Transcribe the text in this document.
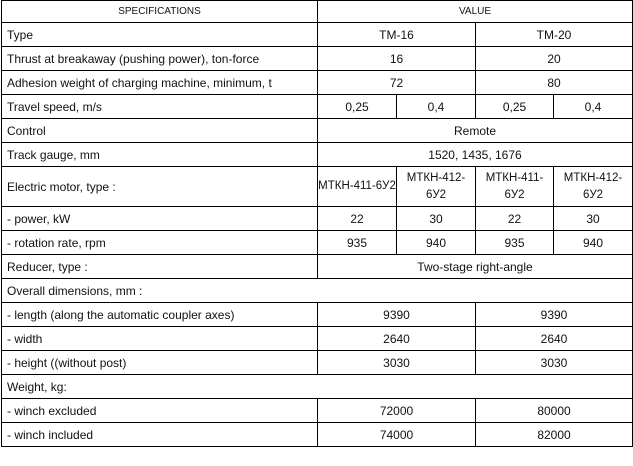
SPECIFICATIONS	VALUE			
Type	TM-16		TM-20	
Thrust at breakaway (pushing power), ton-force	16		20	
Adhesion weight of charging machine, minimum, t	72		80	
Travel speed, m/s	0,25	0,4	0,25	0,4
Control	Remote			
Track gauge, mm	1520, 1435, 1676			
Electric motor, type :	МТКН-411-6У2	МТКН-412-6У2	МТКН-411-6У2	МТКН-412-6У2
- power, kW	22	30	22	30
- rotation rate, rpm	935	940	935	940
Reducer, type :	Two-stage right-angle			
Overall dimensions, mm :				
- length (along the automatic coupler axes)	9390		9390	
- width	2640		2640	
- height ((without post)	3030		3030	
Weight, kg:				
- winch excluded	72000		80000	
- winch included	74000		82000	
